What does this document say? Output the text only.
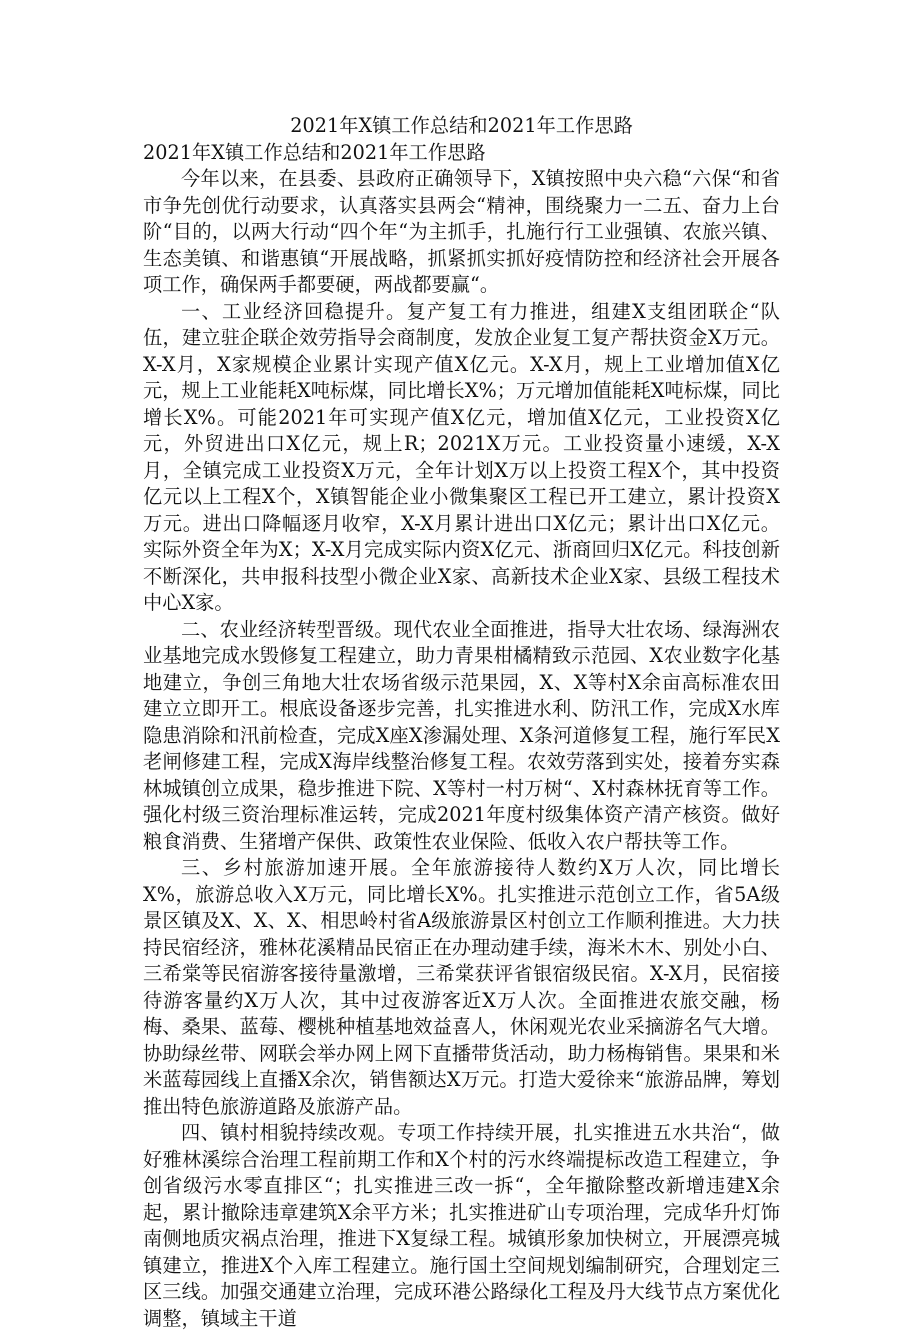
2021年X镇工作总结和2021年工作思路

2021年X镇工作总结和2021年工作思路

今年以来，在县委、县政府正确领导下，X镇按照中央六稳“六保“和省市争先创优行动要求，认真落实县两会“精神，围绕聚力一二五、奋力上台阶“目的，以两大行动“四个年“为主抓手，扎施行行工业强镇、农旅兴镇、生态美镇、和谐惠镇“开展战略，抓紧抓实抓好疫情防控和经济社会开展各项工作，确保两手都要硬，两战都要赢“。

一、工业经济回稳提升。复产复工有力推进，组建X支组团联企“队伍，建立驻企联企效劳指导会商制度，发放企业复工复产帮扶资金X万元。X-X月，X家规模企业累计实现产值X亿元。X-X月，规上工业增加值X亿元，规上工业能耗X吨标煤，同比增长X%；万元增加值能耗X吨标煤，同比增长X%。可能2021年可实现产值X亿元，增加值X亿元，工业投资X亿元，外贸进出口X亿元，规上R；2021X万元。工业投资量小速缓，X-X月，全镇完成工业投资X万元，全年计划X万以上投资工程X个，其中投资亿元以上工程X个，X镇智能企业小微集聚区工程已开工建立，累计投资X万元。进出口降幅逐月收窄，X-X月累计进出口X亿元；累计出口X亿元。实际外资全年为X；X-X月完成实际内资X亿元、浙商回归X亿元。科技创新不断深化，共申报科技型小微企业X家、高新技术企业X家、县级工程技术中心X家。

二、农业经济转型晋级。现代农业全面推进，指导大壮农场、绿海洲农业基地完成水毁修复工程建立，助力青果柑橘精致示范园、X农业数字化基地建立，争创三角地大壮农场省级示范果园，X、X等村X余亩高标准农田建立立即开工。根底设备逐步完善，扎实推进水利、防汛工作，完成X水库隐患消除和汛前检查，完成X座X渗漏处理、X条河道修复工程，施行军民X老闸修建工程，完成X海岸线整治修复工程。农效劳落到实处，接着夯实森林城镇创立成果，稳步推进下院、X等村一村万树“、X村森林抚育等工作。强化村级三资治理标准运转，完成2021年度村级集体资产清产核资。做好粮食消费、生猪增产保供、政策性农业保险、低收入农户帮扶等工作。

三、乡村旅游加速开展。全年旅游接待人数约X万人次，同比增长X%，旅游总收入X万元，同比增长X%。扎实推进示范创立工作，省5A级景区镇及X、X、X、相思岭村省A级旅游景区村创立工作顺利推进。大力扶持民宿经济，雅林花溪精品民宿正在办理动建手续，海米木木、别处小白、三希棠等民宿游客接待量激增，三希棠获评省银宿级民宿。X-X月，民宿接待游客量约X万人次，其中过夜游客近X万人次。全面推进农旅交融，杨梅、桑果、蓝莓、樱桃种植基地效益喜人，休闲观光农业采摘游名气大增。协助绿丝带、网联会举办网上网下直播带货活动，助力杨梅销售。果果和米米蓝莓园线上直播X余次，销售额达X万元。打造大爱徐来“旅游品牌，筹划推出特色旅游道路及旅游产品。

四、镇村相貌持续改观。专项工作持续开展，扎实推进五水共治“，做好雅林溪综合治理工程前期工作和X个村的污水终端提标改造工程建立，争创省级污水零直排区“；扎实推进三改一拆“，全年撤除整改新增违建X余起，累计撤除违章建筑X余平方米；扎实推进矿山专项治理，完成华升灯饰南侧地质灾祸点治理，推进下X复绿工程。城镇形象加快树立，开展漂亮城镇建立，推进X个入库工程建立。施行国土空间规划编制研究，合理划定三区三线。加强交通建立治理，完成环港公路绿化工程及丹大线节点方案优化调整，镇域主干道
